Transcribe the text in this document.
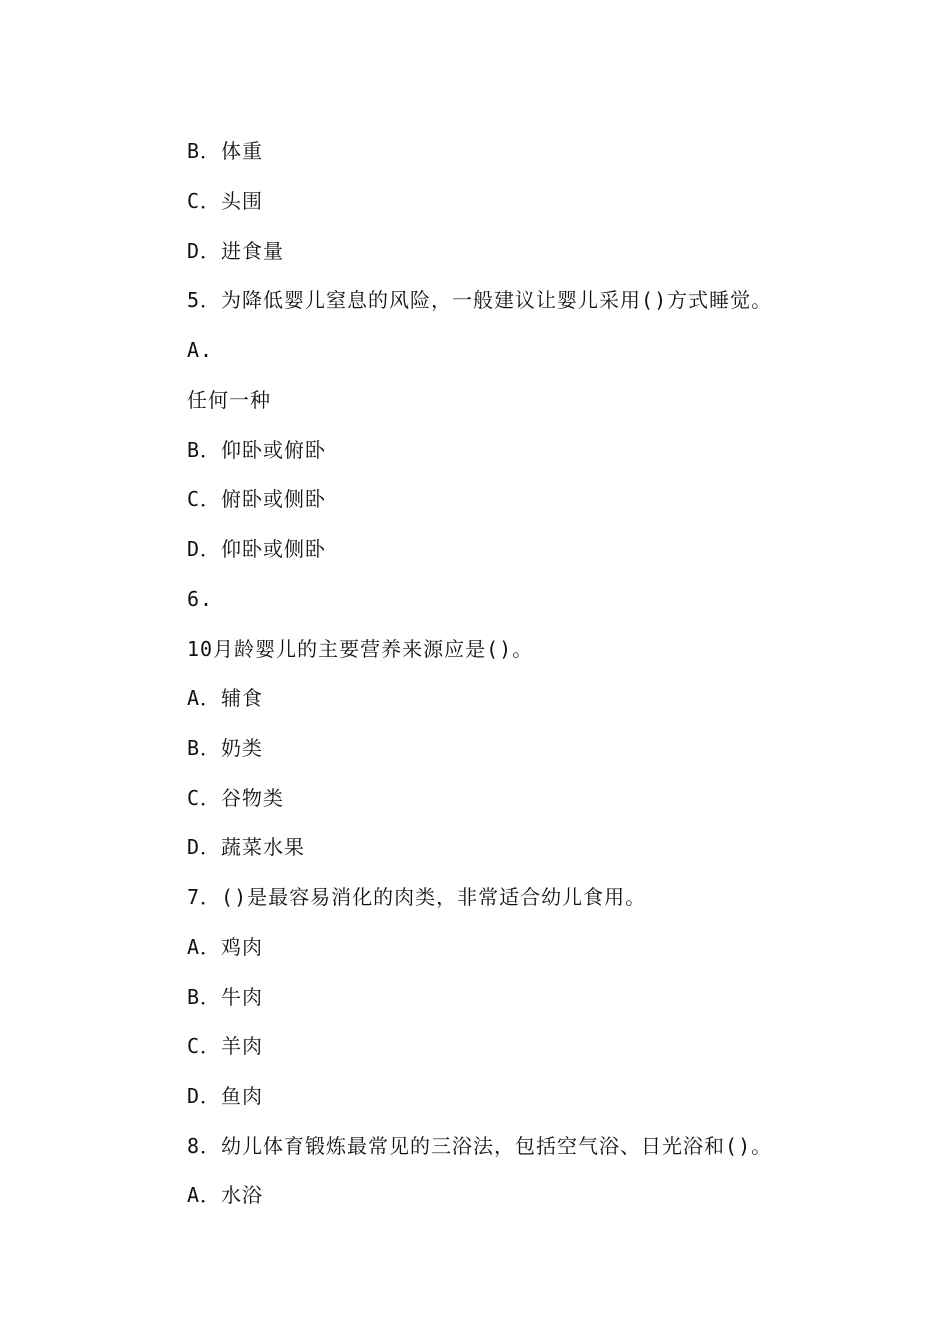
B．体重
C．头围
D．进食量
5．为降低婴儿窒息的风险，一般建议让婴儿采用()方式睡觉。
A.
任何一种
B．仰卧或俯卧
C．俯卧或侧卧
D．仰卧或侧卧
6.
10月龄婴儿的主要营养来源应是()。
A．辅食
B．奶类
C．谷物类
D．蔬菜水果
7．()是最容易消化的肉类，非常适合幼儿食用。
A．鸡肉
B．牛肉
C．羊肉
D．鱼肉
8．幼儿体育锻炼最常见的三浴法，包括空气浴、日光浴和()。
A．水浴
